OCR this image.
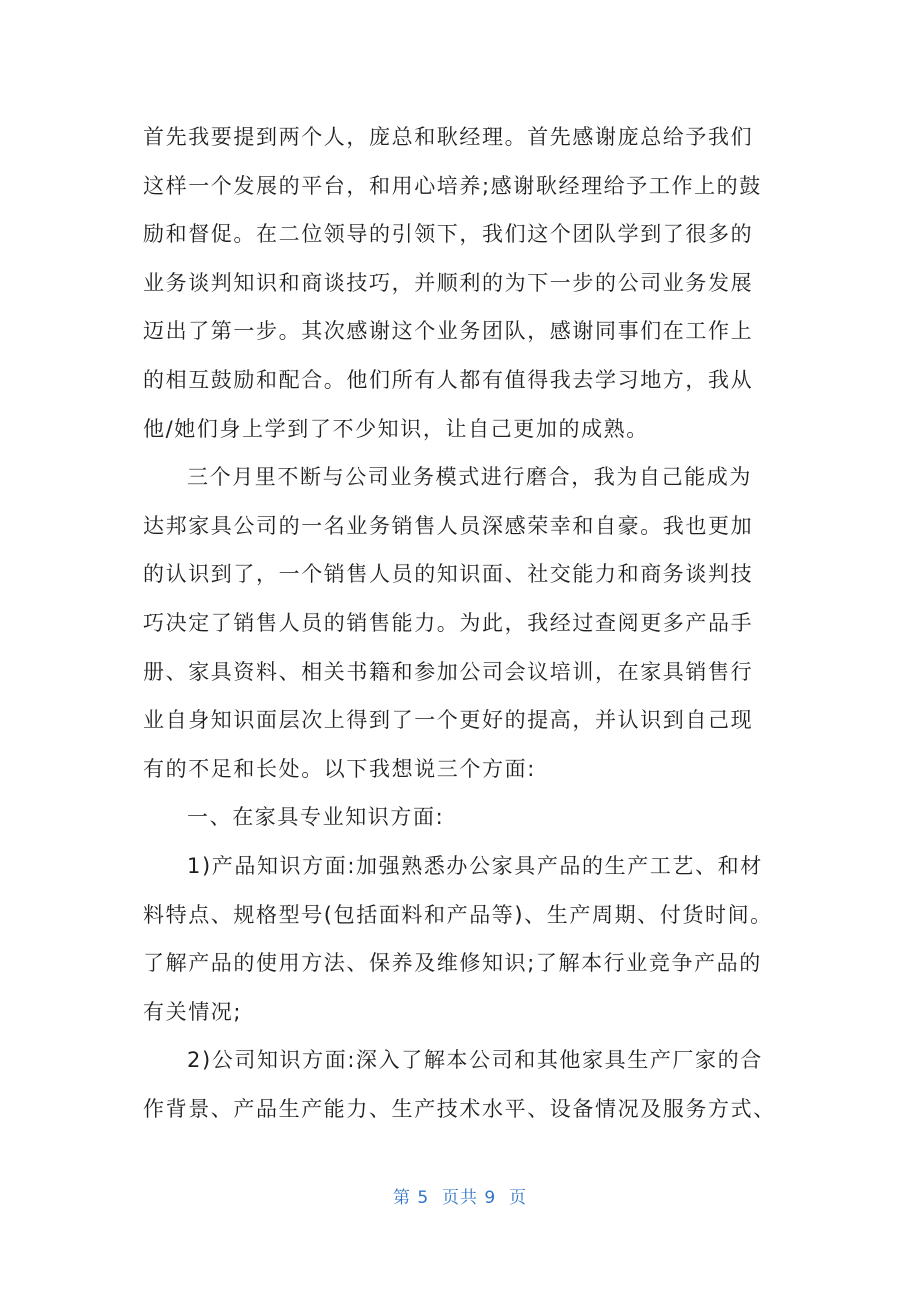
首先我要提到两个人，庞总和耿经理。首先感谢庞总给予我们
这样一个发展的平台，和用心培养;感谢耿经理给予工作上的鼓
励和督促。在二位领导的引领下，我们这个团队学到了很多的
业务谈判知识和商谈技巧，并顺利的为下一步的公司业务发展
迈出了第一步。其次感谢这个业务团队，感谢同事们在工作上
的相互鼓励和配合。他们所有人都有值得我去学习地方，我从
他/她们身上学到了不少知识，让自己更加的成熟。
三个月里不断与公司业务模式进行磨合，我为自己能成为
达邦家具公司的一名业务销售人员深感荣幸和自豪。我也更加
的认识到了，一个销售人员的知识面、社交能力和商务谈判技
巧决定了销售人员的销售能力。为此，我经过查阅更多产品手
册、家具资料、相关书籍和参加公司会议培训，在家具销售行
业自身知识面层次上得到了一个更好的提高，并认识到自己现
有的不足和长处。以下我想说三个方面:
一、在家具专业知识方面:
1)产品知识方面:加强熟悉办公家具产品的生产工艺、和材
料特点、规格型号(包括面料和产品等)、生产周期、付货时间。
了解产品的使用方法、保养及维修知识;了解本行业竞争产品的
有关情况;
2)公司知识方面:深入了解本公司和其他家具生产厂家的合
作背景、产品生产能力、生产技术水平、设备情况及服务方式、
第 5  页共 9  页
